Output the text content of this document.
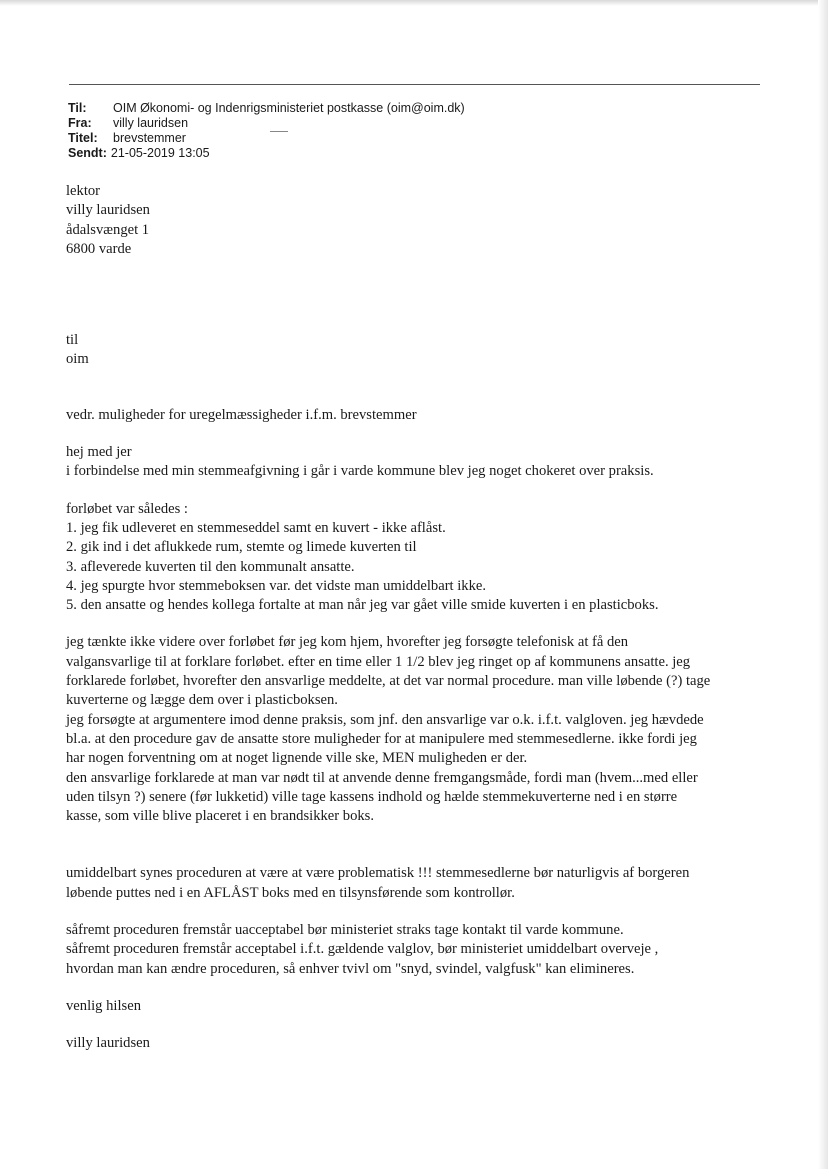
Til:	OIM Økonomi- og Indenrigsministeriet postkasse (oim@oim.dk)
Fra:	villy lauridsen
Titel:	brevstemmer
Sendt: 21-05-2019 13:05
lektor
villy lauridsen
ådalsvænget 1
6800 varde
til
oim
vedr. muligheder for uregelmæssigheder i.f.m. brevstemmer
hej med jer
i forbindelse med min stemmeafgivning i går i varde kommune blev jeg noget chokeret over praksis.
forløbet var således :
1. jeg fik udleveret en stemmeseddel samt en kuvert - ikke aflåst.
2. gik ind i det aflukkede rum, stemte og limede kuverten til
3. afleverede kuverten til den kommunalt ansatte.
4. jeg spurgte hvor stemmeboksen var. det vidste man umiddelbart ikke.
5. den ansatte og hendes kollega fortalte at man når jeg var gået ville smide kuverten i en plasticboks.
jeg tænkte ikke videre over forløbet før jeg kom hjem, hvorefter jeg forsøgte telefonisk at få den
valgansvarlige til at forklare forløbet. efter en time eller 1 1/2 blev jeg ringet op af kommunens ansatte. jeg
forklarede forløbet, hvorefter den ansvarlige meddelte, at det var normal procedure. man ville løbende (?) tage
kuverterne og lægge dem over i plasticboksen.
jeg forsøgte at argumentere imod denne praksis, som jnf. den ansvarlige var o.k. i.f.t. valgloven. jeg hævdede
bl.a. at den procedure gav de ansatte store muligheder for at manipulere med stemmesedlerne. ikke fordi jeg
har nogen forventning om at noget lignende ville ske, MEN muligheden er der.
den ansvarlige forklarede at man var nødt til at anvende denne fremgangsmåde, fordi man (hvem...med eller
uden tilsyn ?) senere (før lukketid) ville tage kassens indhold og hælde stemmekuverterne ned i en større
kasse, som ville blive placeret i en brandsikker boks.
umiddelbart synes proceduren at være at være problematisk !!! stemmesedlerne bør naturligvis af borgeren
løbende puttes ned i en AFLÅST boks med en tilsynsførende som kontrollør.
såfremt proceduren fremstår uacceptabel bør ministeriet straks tage kontakt til varde kommune.
såfremt proceduren fremstår acceptabel i.f.t. gældende valglov, bør ministeriet umiddelbart overveje ,
hvordan man kan ændre proceduren, så enhver tvivl om "snyd, svindel, valgfusk" kan elimineres.
venlig hilsen
villy lauridsen
